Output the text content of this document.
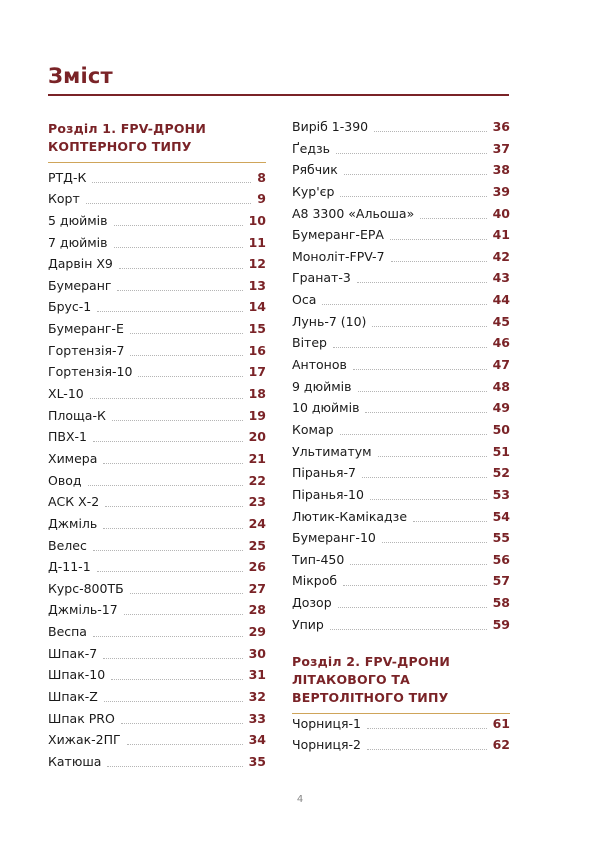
Зміст
Розділ 1. FPV-ДРОНИ
КОПТЕРНОГО ТИПУ
РТД-К	8
Корт	9
5 дюймів	10
7 дюймів	11
Дарвін Х9	12
Бумеранг	13
Брус-1	14
Бумеранг-Е	15
Гортензія-7	16
Гортензія-10	17
XL-10	18
Площа-К	19
ПВХ-1	20
Химера	21
Овод	22
АСК Х-2	23
Джміль	24
Велес	25
Д-11-1	26
Курс-800ТБ	27
Джміль-17	28
Веспа	29
Шпак-7	30
Шпак-10	31
Шпак-Z	32
Шпак PRO	33
Хижак-2ПГ	34
Катюша	35
Виріб 1-390	36
Ґедзь	37
Рябчик	38
Кур'єр	39
А8 3300 «Альоша»	40
Бумеранг-ЕРА	41
Моноліт-FPV-7	42
Гранат-3	43
Оса	44
Лунь-7 (10)	45
Вітер	46
Антонов	47
9 дюймів	48
10 дюймів	49
Комар	50
Ультиматум	51
Піранья-7	52
Піранья-10	53
Лютик-Камікадзе	54
Бумеранг-10	55
Тип-450	56
Мікроб	57
Дозор	58
Упир	59
Розділ 2. FPV-ДРОНИ
ЛІТАКОВОГО ТА
ВЕРТОЛІТНОГО ТИПУ
Чорниця-1	61
Чорниця-2	62
4
